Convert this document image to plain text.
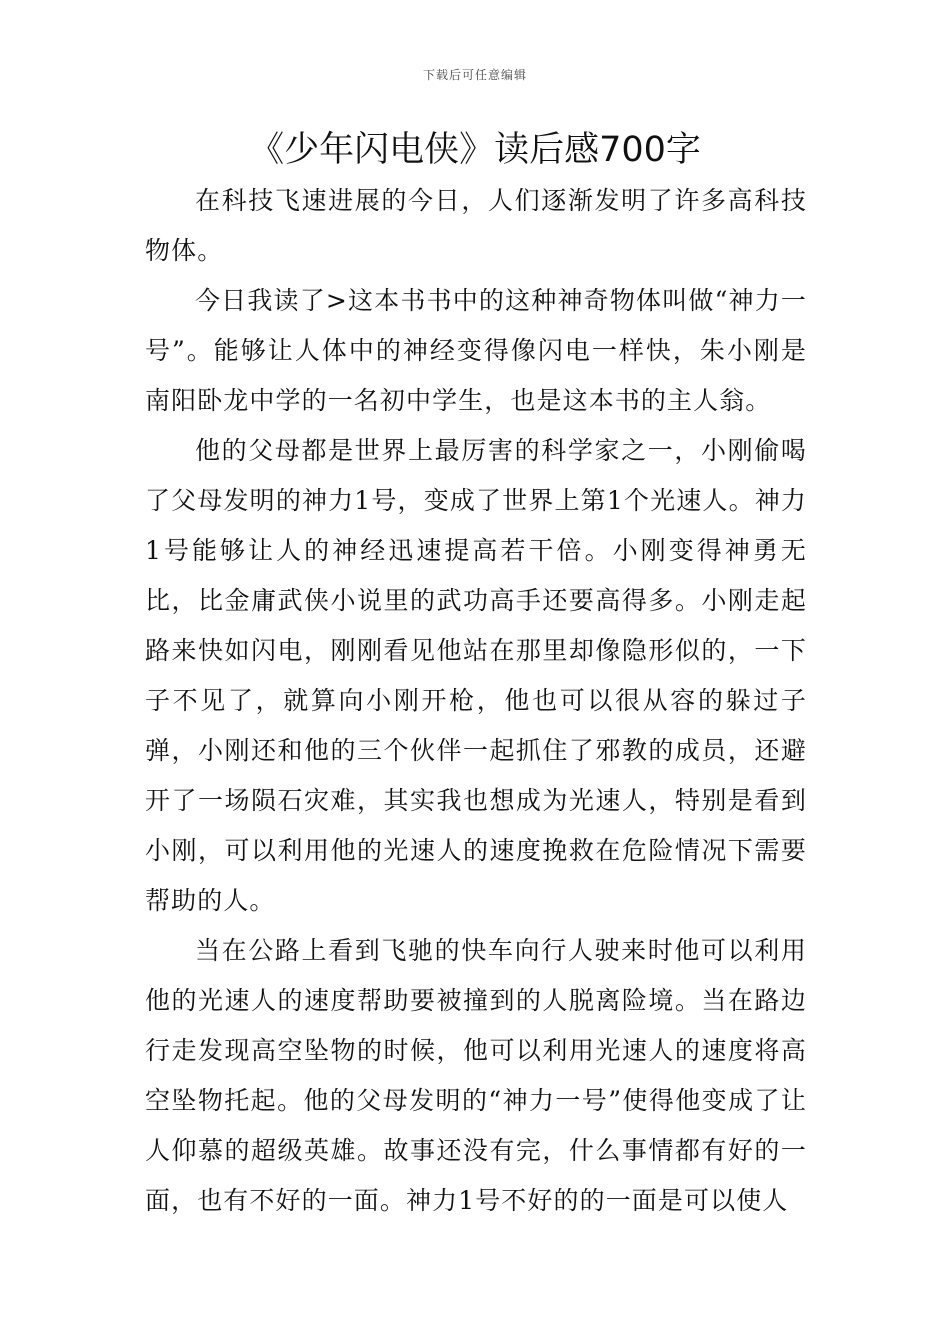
下载后可任意编辑
《少年闪电侠》读后感700字

在科技飞速进展的今日，人们逐渐发明了许多高科技物体。

今日我读了>这本书书中的这种神奇物体叫做“神力一号”。能够让人体中的神经变得像闪电一样快，朱小刚是南阳卧龙中学的一名初中学生，也是这本书的主人翁。

他的父母都是世界上最厉害的科学家之一，小刚偷喝了父母发明的神力1号，变成了世界上第1个光速人。神力1号能够让人的神经迅速提高若干倍。小刚变得神勇无比，比金庸武侠小说里的武功高手还要高得多。小刚走起路来快如闪电，刚刚看见他站在那里却像隐形似的，一下子不见了，就算向小刚开枪，他也可以很从容的躲过子弹，小刚还和他的三个伙伴一起抓住了邪教的成员，还避开了一场陨石灾难，其实我也想成为光速人，特别是看到小刚，可以利用他的光速人的速度挽救在危险情况下需要帮助的人。

当在公路上看到飞驰的快车向行人驶来时他可以利用他的光速人的速度帮助要被撞到的人脱离险境。当在路边行走发现高空坠物的时候，他可以利用光速人的速度将高空坠物托起。他的父母发明的“神力一号”使得他变成了让人仰慕的超级英雄。故事还没有完，什么事情都有好的一面，也有不好的一面。神力1号不好的的一面是可以使人
